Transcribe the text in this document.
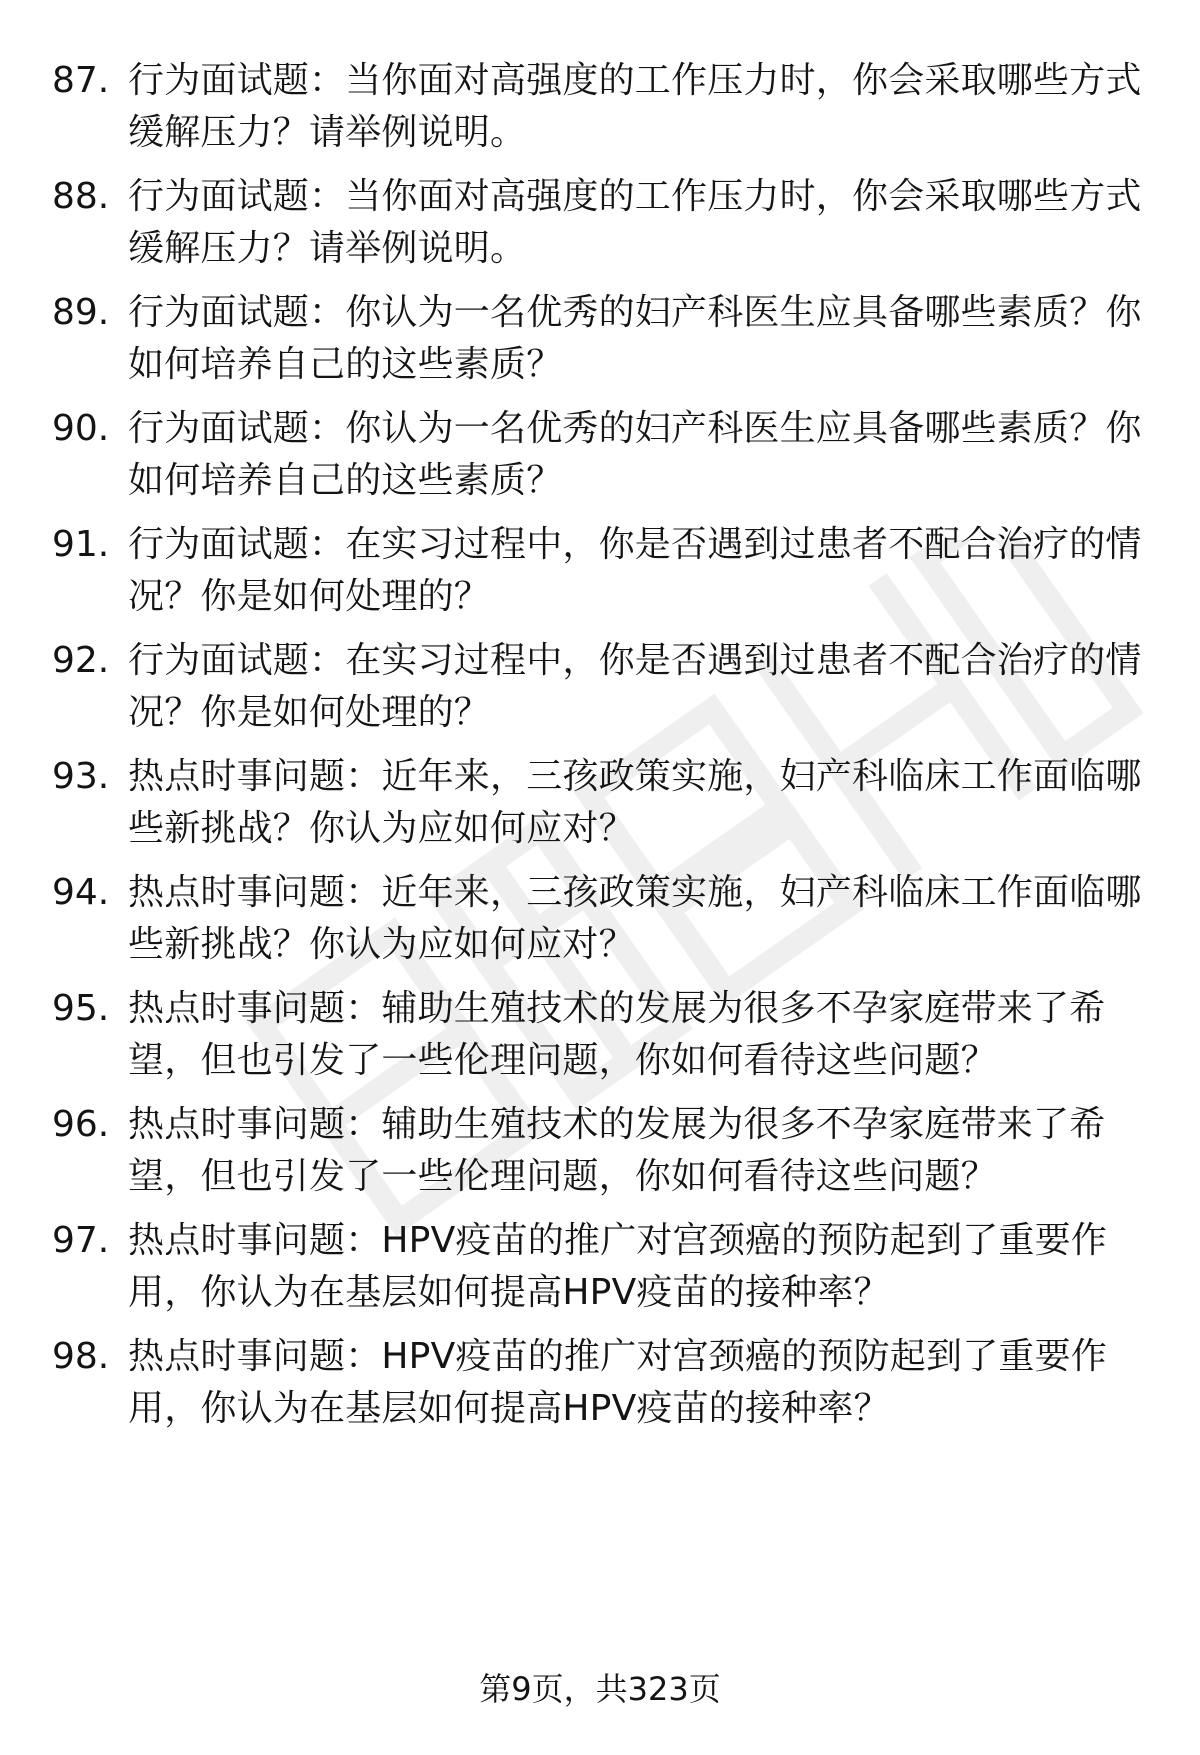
87. 行为面试题：当你面对高强度的工作压力时，你会采取哪些方式
缓解压力？请举例说明。
88. 行为面试题：当你面对高强度的工作压力时，你会采取哪些方式
缓解压力？请举例说明。
89. 行为面试题：你认为一名优秀的妇产科医生应具备哪些素质？你
如何培养自己的这些素质？
90. 行为面试题：你认为一名优秀的妇产科医生应具备哪些素质？你
如何培养自己的这些素质？
91. 行为面试题：在实习过程中，你是否遇到过患者不配合治疗的情
况？你是如何处理的？
92. 行为面试题：在实习过程中，你是否遇到过患者不配合治疗的情
况？你是如何处理的？
93. 热点时事问题：近年来，三孩政策实施，妇产科临床工作面临哪
些新挑战？你认为应如何应对？
94. 热点时事问题：近年来，三孩政策实施，妇产科临床工作面临哪
些新挑战？你认为应如何应对？
95. 热点时事问题：辅助生殖技术的发展为很多不孕家庭带来了希
望，但也引发了一些伦理问题，你如何看待这些问题？
96. 热点时事问题：辅助生殖技术的发展为很多不孕家庭带来了希
望，但也引发了一些伦理问题，你如何看待这些问题？
97. 热点时事问题：HPV疫苗的推广对宫颈癌的预防起到了重要作
用，你认为在基层如何提高HPV疫苗的接种率？
98. 热点时事问题：HPV疫苗的推广对宫颈癌的预防起到了重要作
用，你认为在基层如何提高HPV疫苗的接种率？
第9页，共323页
